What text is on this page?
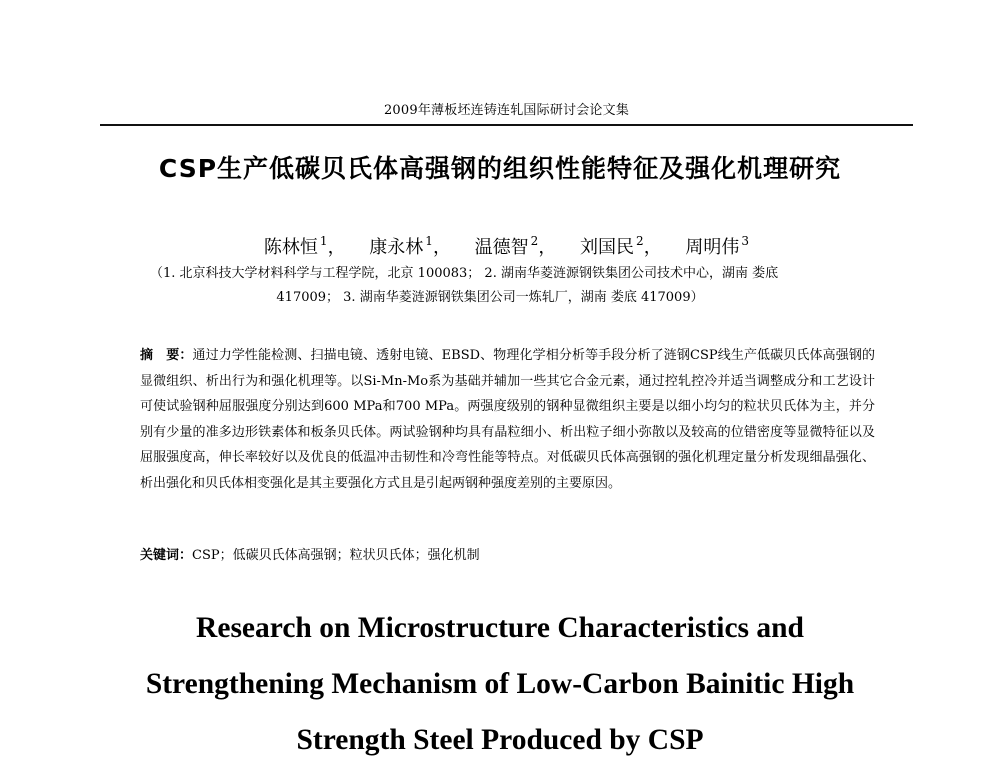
2009年薄板坯连铸连轧国际研讨会论文集
CSP生产低碳贝氏体高强钢的组织性能特征及强化机理研究
陈林恒 $^1$， 康永林 $^1$， 温德智 $^2$， 刘国民 $^2$， 周明伟 $^3$
（1. 北京科技大学材料科学与工程学院，北京 100083； 2. 湖南华菱涟源钢铁集团公司技术中心，湖南 娄底
417009； 3. 湖南华菱涟源钢铁集团公司一炼轧厂，湖南 娄底 417009）
摘　要：通过力学性能检测、扫描电镜、透射电镜、EBSD、物理化学相分析等手段分析了涟钢CSP线生产低碳贝氏体高强钢的显微组织、析出行为和强化机理等。以Si-Mn-Mo系为基础并辅加一些其它合金元素，通过控轧控冷并适当调整成分和工艺设计可使试验钢种屈服强度分别达到600 MPa和700 MPa。两强度级别的钢种显微组织主要是以细小均匀的粒状贝氏体为主，并分别有少量的准多边形铁素体和板条贝氏体。两试验钢种均具有晶粒细小、析出粒子细小弥散以及较高的位错密度等显微特征以及屈服强度高，伸长率较好以及优良的低温冲击韧性和冷弯性能等特点。对低碳贝氏体高强钢的强化机理定量分析发现细晶强化、析出强化和贝氏体相变强化是其主要强化方式且是引起两钢种强度差别的主要原因。
关键词：CSP；低碳贝氏体高强钢；粒状贝氏体；强化机制
Research on Microstructure Characteristics and
Strengthening Mechanism of Low-Carbon Bainitic High
Strength Steel Produced by CSP
